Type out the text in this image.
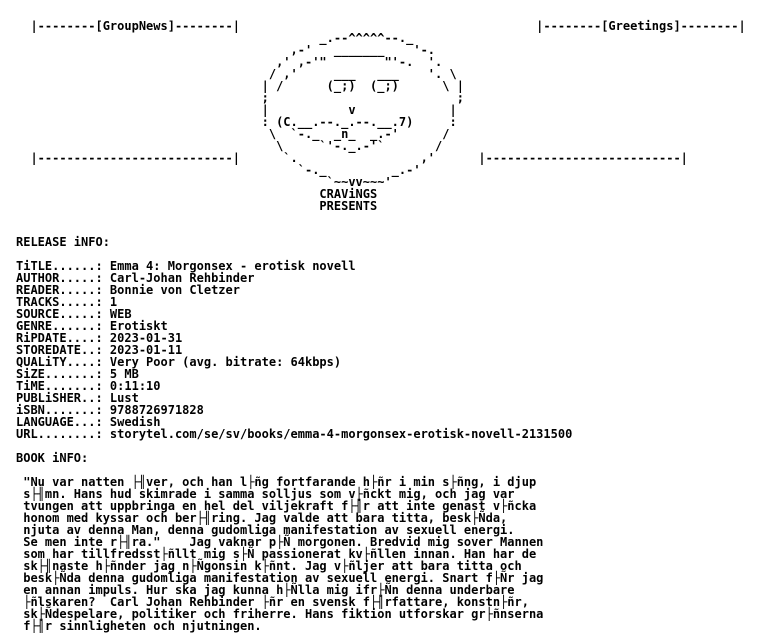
|--------[GroupNews]--------|                                         |--------[Greetings]--------|
_.--^^^^^--._
,-'   _______    '-.
,' ,-'"        "'-.  '.
/ ,'     ___   ___    '. \
| /      (_;)  (_;)      \ |
;                          ;
|           v             |
: (C.__.--._.--.__.7)     :
\  `-._  _n_  _.-'      /
\     `'-._.-'`       /
|---------------------------|      `.                 ,'      |---------------------------|
`-._         _.-'
`~~vv~~~'
CRAViNGS
PRESENTS

RELEASE iNFO:

TiTLE......: Emma 4: Morgonsex - erotisk novell
AUTHOR.....: Carl-Johan Rehbinder
READER.....: Bonnie von Cletzer
TRACKS.....: 1
SOURCE.....: WEB
GENRE......: Erotiskt
RiPDATE....: 2023-01-31
STOREDATE..: 2023-01-11
QUALiTY....: Very Poor (avg. bitrate: 64kbps)
SiZE.......: 5 MB
TiME.......: 0:11:10
PUBLiSHER..: Lust
iSBN.......: 9788726971828
LANGUAGE...: Swedish
URL........: storytel.com/se/sv/books/emma-4-morgonsex-erotisk-novell-2131500

BOOK iNFO:

"Nu var natten ├╢ver, och han l├ñg fortfarande h├ñr i min s├ñng, i djup
s├╢mn. Hans hud skimrade i samma solljus som v├ñckt mig, och jag var
tvungen att uppbringa en hel del viljekraft f├╢r att inte genast v├ñcka
honom med kyssar och ber├╢ring. Jag valde att bara titta, besk├Ñda,
njuta av denna Man, denna gudomliga manifestation av sexuell energi.
Se men inte r├╢ra."    Jag vaknar p├Ñ morgonen. Bredvid mig sover Mannen
som har tillfredsst├ñllt mig s├Ñ passionerat kv├ñllen innan. Han har de
sk├╢naste h├ñnder jag n├Ñgonsin k├ñnt. Jag v├ñljer att bara titta och
besk├Ñda denna gudomliga manifestation av sexuell energi. Snart f├Ñr jag
en annan impuls. Hur ska jag kunna h├Ñlla mig ifr├Ñn denna underbare
├ñlskaren?  Carl Johan Rehbinder ├ñr en svensk f├╢rfattare, konstn├ñr,
sk├Ñdespelare, politiker och friherre. Hans fiktion utforskar gr├ñnserna
f├╢r sinnligheten och njutningen.
